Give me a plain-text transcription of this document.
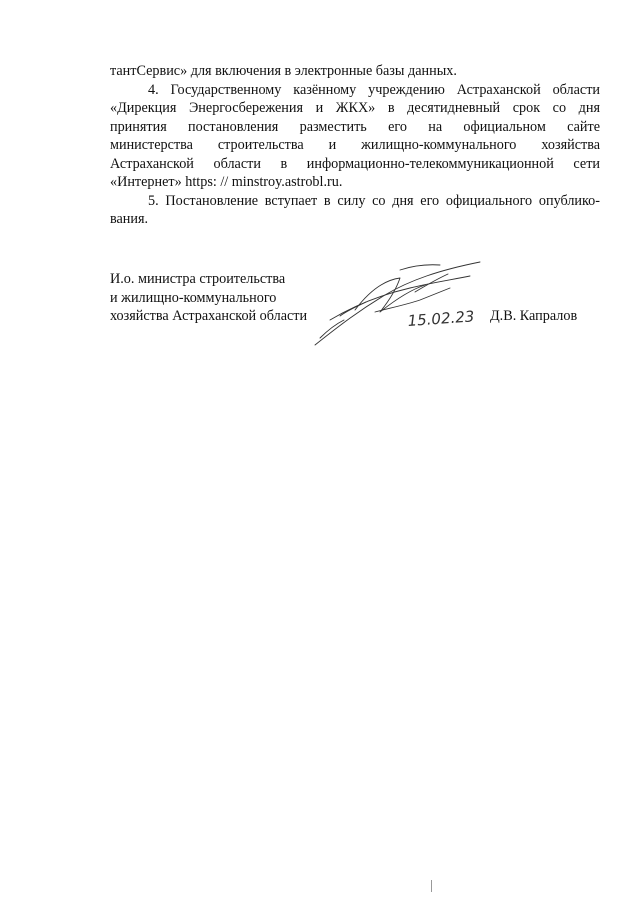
тантСервис» для включения в электронные базы данных.
4. Государственному казённому учреждению Астраханской области
«Дирекция Энергосбережения и ЖКХ» в десятидневный срок со дня
принятия постановления разместить его на официальном сайте
министерства строительства и жилищно-коммунального хозяйства
Астраханской области в информационно-телекоммуникационной сети
«Интернет» https: // minstroy.astrobl.ru.
5. Постановление вступает в силу со дня его официального опублико-
вания.
И.о. министра строительства
и жилищно-коммунального
хозяйства Астраханской области	15.02.23 Д.В. Капралов
